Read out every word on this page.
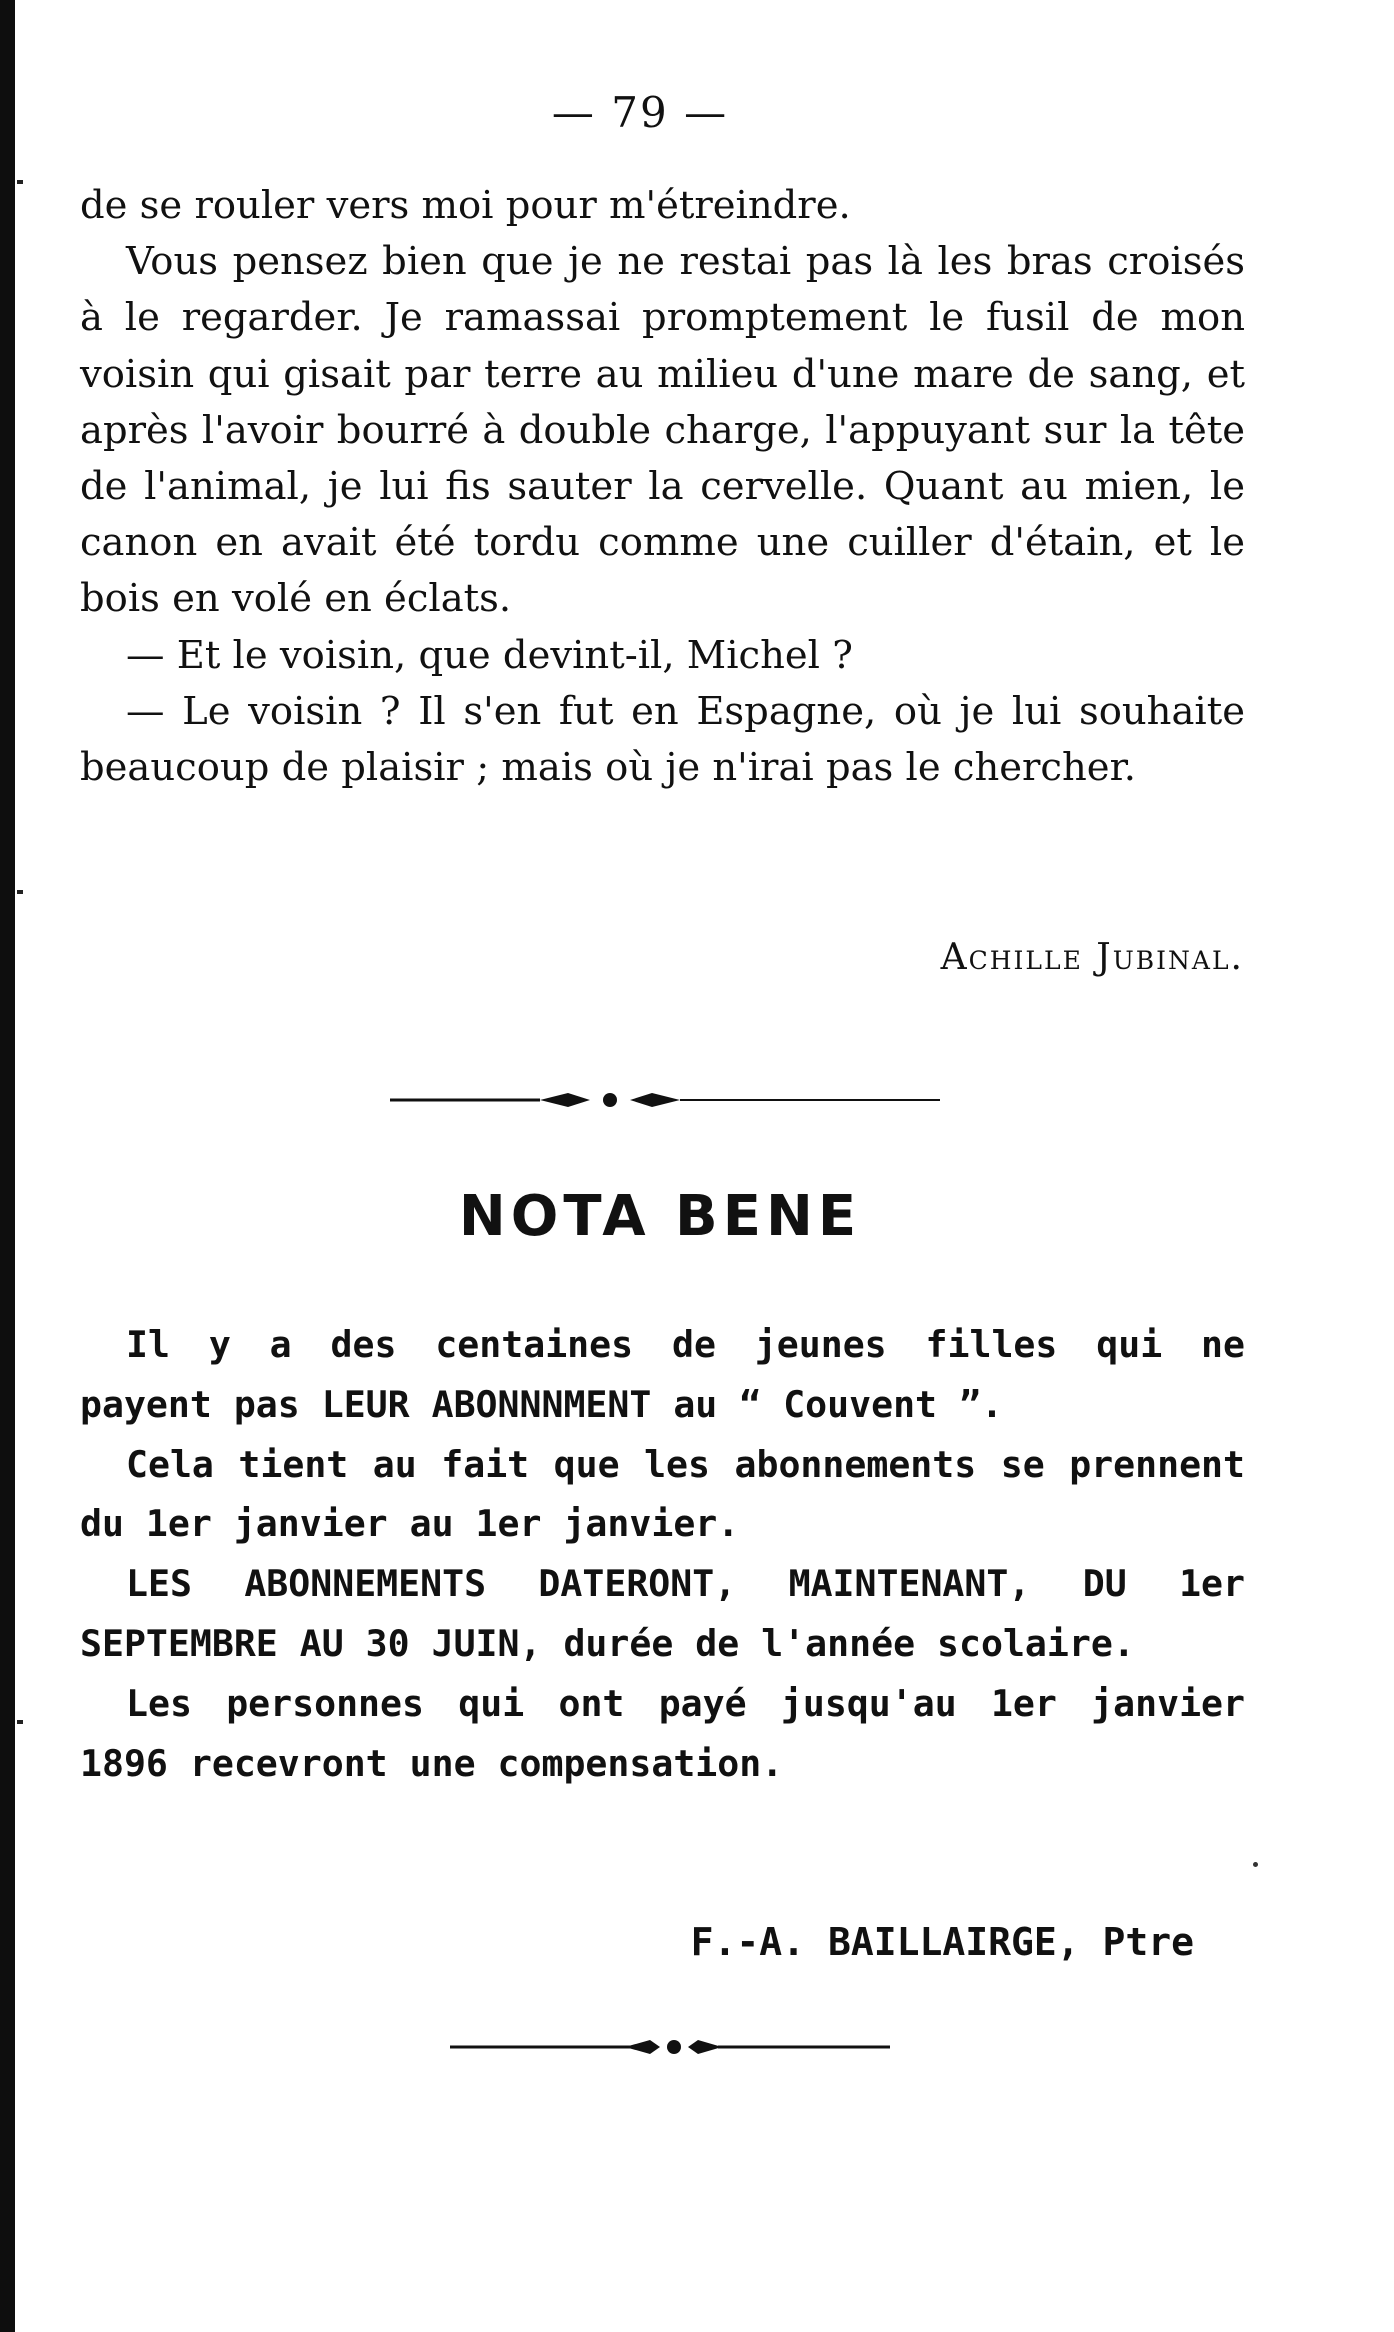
— 79 —

de se rouler vers moi pour m'étreindre.

Vous pensez bien que je ne restai pas là les bras croisés à le regarder. Je ramassai promptement le fusil de mon voisin qui gisait par terre au milieu d'une mare de sang, et après l'avoir bourré à double charge, l'appuyant sur la tête de l'animal, je lui fis sauter la cervelle. Quant au mien, le canon en avait été tordu comme une cuiller d'étain, et le bois en volé en éclats.

— Et le voisin, que devint-il, Michel ?

— Le voisin ? Il s'en fut en Espagne, où je lui souhaite beaucoup de plaisir ; mais où je n'irai pas le chercher.

Achille Jubinal.
NOTA BENE

Il y a des centaines de jeunes filles qui ne payent pas LEUR ABONNNMENT au “ Couvent ”.

Cela tient au fait que les abonnements se prennent du 1er janvier au 1er janvier.

LES ABONNEMENTS DATERONT, MAINTENANT, DU 1er SEPTEMBRE AU 30 JUIN, durée de l'année scolaire.

Les personnes qui ont payé jusqu'au 1er janvier 1896 recevront une compensation.

F.-A. BAILLAIRGE, Ptre
